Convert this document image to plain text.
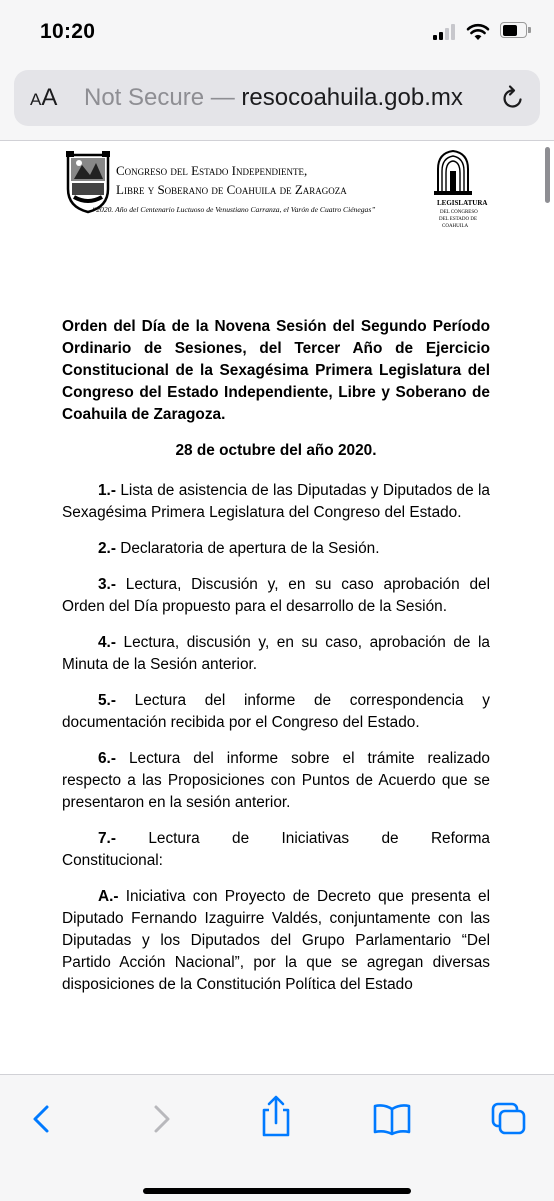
10:20
AA Not Secure — resocoahuila.gob.mx
Congreso del Estado Independiente,
Libre y Soberano de Coahuila de Zaragoza
“2020. Año del Centenario Luctuoso de Venustiano Carranza, el Varón de Cuatro Ciénegas”
LEGISLATURA
DEL CONGRESO
DEL ESTADO DE
COAHUILA

Orden del Día de la Novena Sesión del Segundo Período Ordinario de Sesiones, del Tercer Año de Ejercicio Constitucional de la Sexagésima Primera Legislatura del Congreso del Estado Independiente, Libre y Soberano de Coahuila de Zaragoza.

28 de octubre del año 2020.

1.- Lista de asistencia de las Diputadas y Diputados de la Sexagésima Primera Legislatura del Congreso del Estado.

2.- Declaratoria de apertura de la Sesión.

3.- Lectura, Discusión y, en su caso aprobación del Orden del Día propuesto para el desarrollo de la Sesión.

4.- Lectura, discusión y, en su caso, aprobación de la Minuta de la Sesión anterior.

5.- Lectura del informe de correspondencia y documentación recibida por el Congreso del Estado.

6.- Lectura del informe sobre el trámite realizado respecto a las Proposiciones con Puntos de Acuerdo que se presentaron en la sesión anterior.

7.- Lectura de Iniciativas de Reforma
Constitucional:

A.- Iniciativa con Proyecto de Decreto que presenta el Diputado Fernando Izaguirre Valdés, conjuntamente con las Diputadas y los Diputados del Grupo Parlamentario “Del Partido Acción Nacional”, por la que se agregan diversas disposiciones de la Constitución Política del Estado
